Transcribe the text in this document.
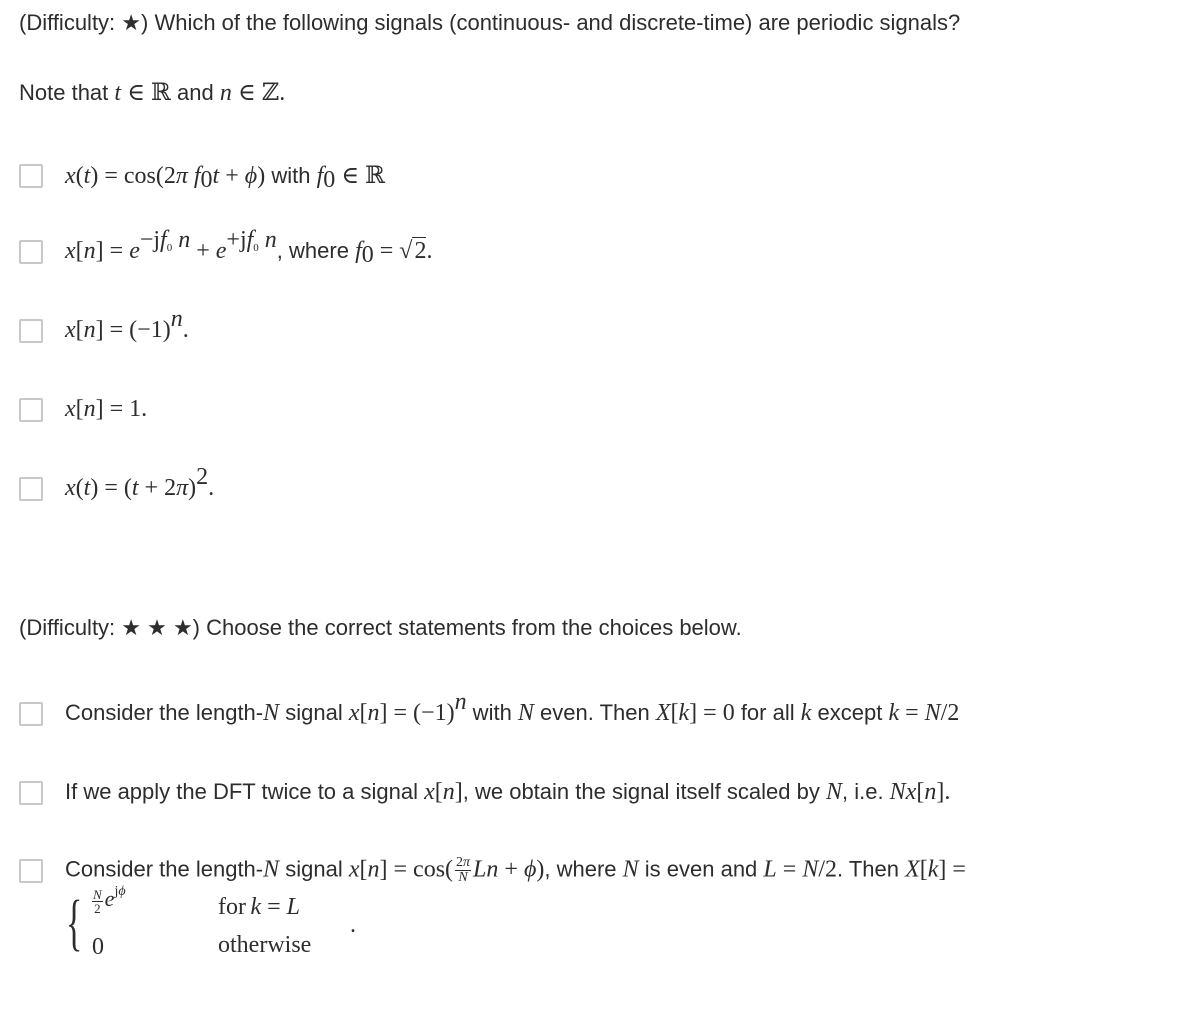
(Difficulty: ★) Which of the following signals (continuous- and discrete-time) are periodic signals?
Note that t ∈ ℝ and n ∈ ℤ.
x(t) = cos(2π $f_0t + \phi$) with $f_0$ ∈ ℝ
$x[n] = e^{-jf_0 n} + e^{+jf_0 n}$, where $f_0 = √2$.
$x[n] = (-1)^n$.
x[n] = 1.
$x(t) = (t + 2\pi)^2$.
(Difficulty: ★ ★ ★) Choose the correct statements from the choices below.
Consider the length-N signal $x[n] = (-1)^n$ with N even. Then X[k] = 0 for all k except k = N/2
If we apply the DFT twice to a signal x[n], we obtain the signal itself scaled by N, i.e. Nx[n].
Consider the length-N signal $x[n] = \cos( \frac{2\pi}{N}$ Ln + ϕ), where N is even and L = N/2. Then X[k] =
{ $\frac{N}{2} e^{j\phi}$
for k = L
0	otherwise
.
